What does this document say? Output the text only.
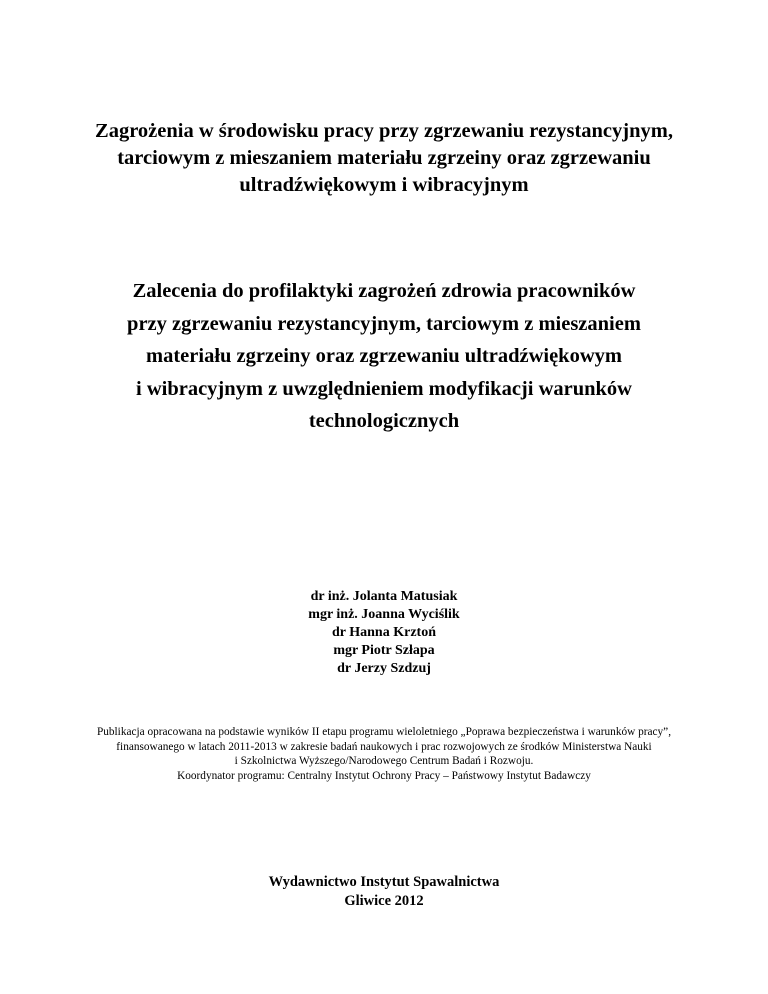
Zagrożenia w środowisku pracy przy zgrzewaniu rezystancyjnym,
tarciowym z mieszaniem materiału zgrzeiny oraz zgrzewaniu
ultradźwiękowym i wibracyjnym
Zalecenia do profilaktyki zagrożeń zdrowia pracowników
przy zgrzewaniu rezystancyjnym, tarciowym z mieszaniem
materiału zgrzeiny oraz zgrzewaniu ultradźwiękowym
i wibracyjnym z uwzględnieniem modyfikacji warunków
technologicznych
dr inż. Jolanta Matusiak
mgr inż. Joanna Wyciślik
dr Hanna Krztoń
mgr Piotr Szłapa
dr Jerzy Szdzuj
Publikacja opracowana na podstawie wyników II etapu programu wieloletniego „Poprawa bezpieczeństwa i warunków pracy”,
finansowanego w latach 2011-2013 w zakresie badań naukowych i prac rozwojowych ze środków Ministerstwa Nauki
i Szkolnictwa Wyższego/Narodowego Centrum Badań i Rozwoju.
Koordynator programu: Centralny Instytut Ochrony Pracy – Państwowy Instytut Badawczy
Wydawnictwo Instytut Spawalnictwa
Gliwice 2012
